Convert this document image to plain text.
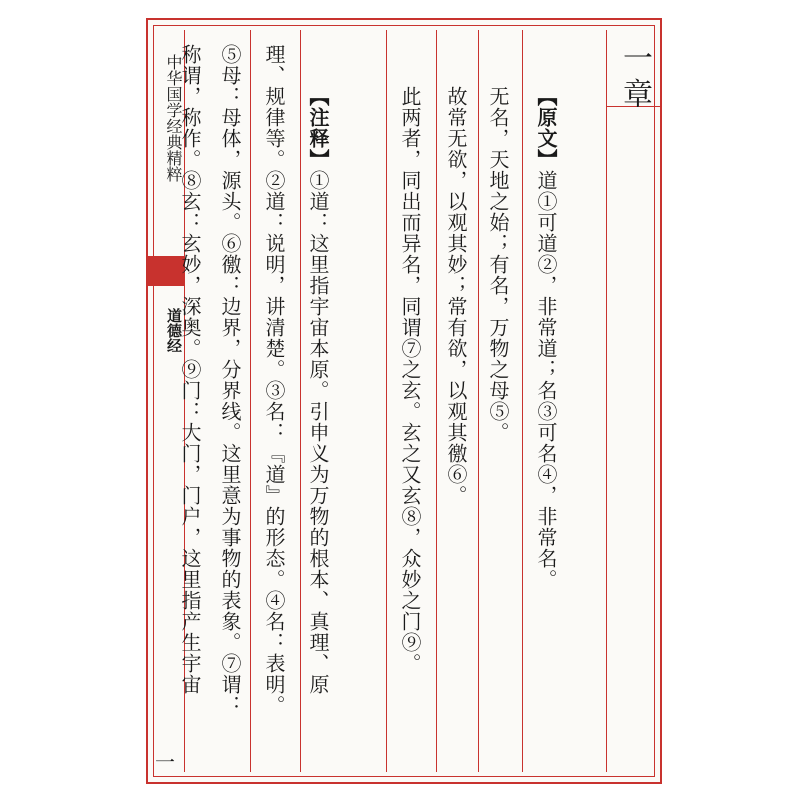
中华国学经典精粹
道德经
一
一章
【原文】道①可道②，非常道；名③可名④，非常名。
无名，天地之始；有名，万物之母⑤。
故常无欲，以观其妙；常有欲，以观其徼⑥。
此两者，同出而异名，同谓⑦之玄。玄之又玄⑧，众妙之门⑨。
【注释】①道：这里指宇宙本原。引申义为万物的根本、真理、原
理、规律等。②道：说明，讲清楚。③名：『道』的形态。④名：表明。
⑤母：母体，源头。⑥徼：边界，分界线。这里意为事物的表象。⑦谓：
称谓，称作。⑧玄：玄妙，深奥。⑨门：大门，门户，这里指产生宇宙
